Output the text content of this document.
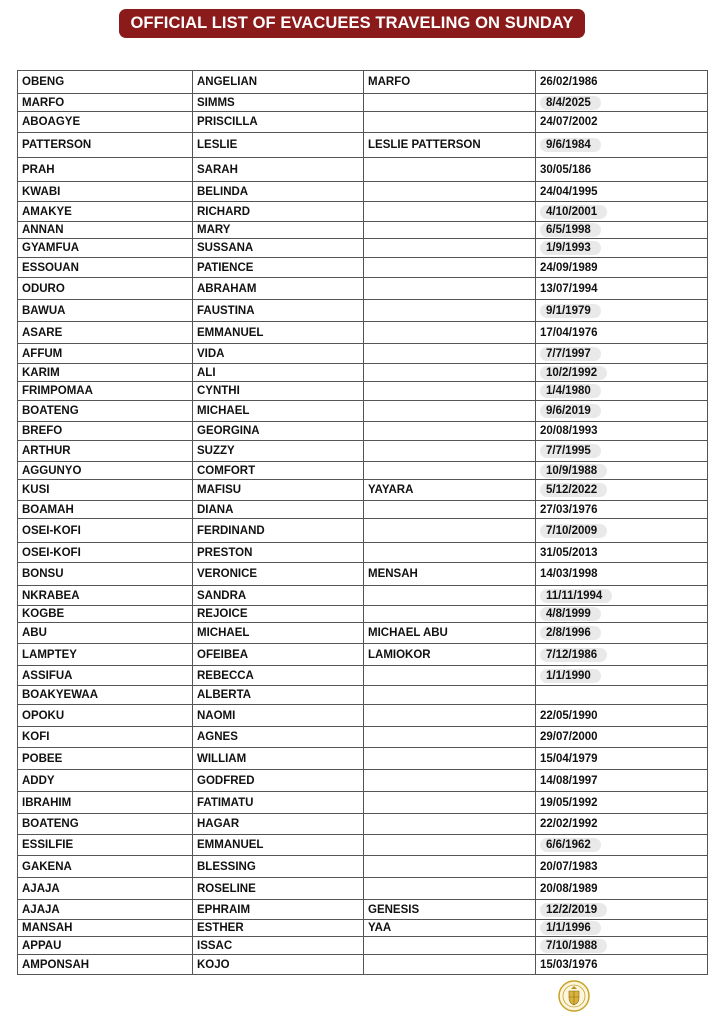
OFFICIAL LIST OF EVACUEES TRAVELING ON SUNDAY
OBENG	ANGELIAN	MARFO	26/02/1986
MARFO	SIMMS		8/4/2025
ABOAGYE	PRISCILLA		24/07/2002
PATTERSON	LESLIE	LESLIE PATTERSON	9/6/1984
PRAH	SARAH		30/05/186
KWABI	BELINDA		24/04/1995
AMAKYE	RICHARD		4/10/2001
ANNAN	MARY		6/5/1998
GYAMFUA	SUSSANA		1/9/1993
ESSOUAN	PATIENCE		24/09/1989
ODURO	ABRAHAM		13/07/1994
BAWUA	FAUSTINA		9/1/1979
ASARE	EMMANUEL		17/04/1976
AFFUM	VIDA		7/7/1997
KARIM	ALI		10/2/1992
FRIMPOMAA	CYNTHI		1/4/1980
BOATENG	MICHAEL		9/6/2019
BREFO	GEORGINA		20/08/1993
ARTHUR	SUZZY		7/7/1995
AGGUNYO	COMFORT		10/9/1988
KUSI	MAFISU	YAYARA	5/12/2022
BOAMAH	DIANA		27/03/1976
OSEI-KOFI	FERDINAND		7/10/2009
OSEI-KOFI	PRESTON		31/05/2013
BONSU	VERONICE	MENSAH	14/03/1998
NKRABEA	SANDRA		11/11/1994
KOGBE	REJOICE		4/8/1999
ABU	MICHAEL	MICHAEL ABU	2/8/1996
LAMPTEY	OFEIBEA	LAMIOKOR	7/12/1986
ASSIFUA	REBECCA		1/1/1990
BOAKYEWAA	ALBERTA		
OPOKU	NAOMI		22/05/1990
KOFI	AGNES		29/07/2000
POBEE	WILLIAM		15/04/1979
ADDY	GODFRED		14/08/1997
IBRAHIM	FATIMATU		19/05/1992
BOATENG	HAGAR		22/02/1992
ESSILFIE	EMMANUEL		6/6/1962
GAKENA	BLESSING		20/07/1983
AJAJA	ROSELINE		20/08/1989
AJAJA	EPHRAIM	GENESIS	12/2/2019
MANSAH	ESTHER	YAA	1/1/1996
APPAU	ISSAC		7/10/1988
AMPONSAH	KOJO		15/03/1976
